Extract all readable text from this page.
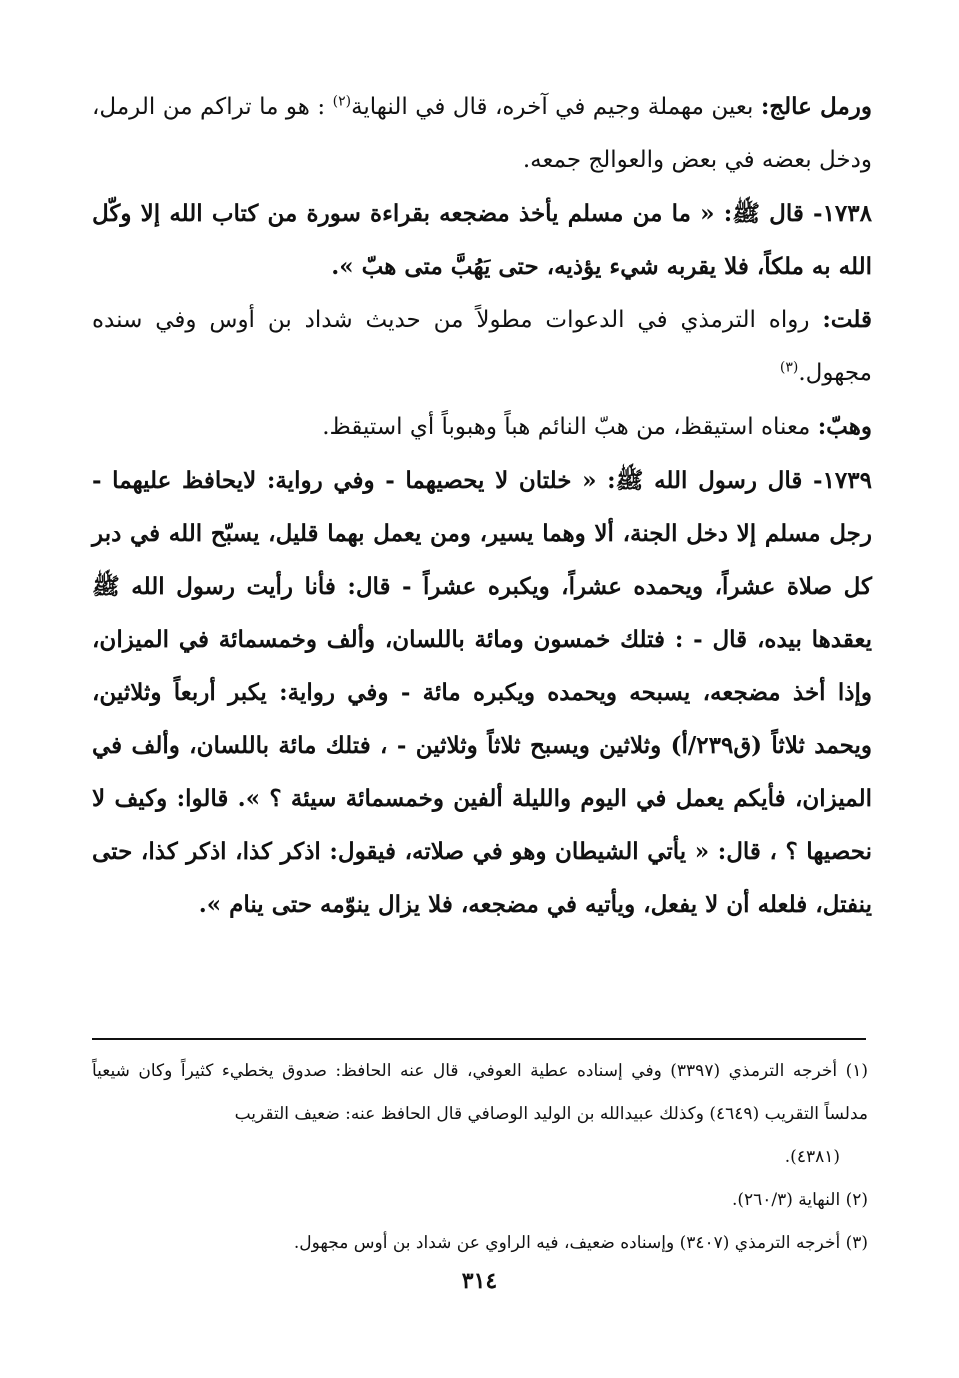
ورمل عالج: بعين مهملة وجيم في آخره، قال في النهاية$^{(٢)}$ : هو ما تراكم من الرمل، ودخل بعضه في بعض والعوالج جمعه.

١٧٣٨- قال ﷺ: « ما من مسلم يأخذ مضجعه بقراءة سورة من كتاب الله إلا وكّل الله به ملكاً، فلا يقربه شيء يؤذيه، حتى يَهُبَّ متى هبّ ».

قلت: رواه الترمذي في الدعوات مطولاً من حديث شداد بن أوس وفي سنده مجهول.$^{(٣)}$

وهبّ: معناه استيقظ، من هبّ النائم هباً وهبوباً أي استيقظ.

١٧٣٩- قال رسول الله ﷺ: « خلتان لا يحصيهما - وفي رواية: لايحافظ عليهما - رجل مسلم إلا دخل الجنة، ألا وهما يسير، ومن يعمل بهما قليل، يسبّح الله في دبر كل صلاة عشراً، ويحمده عشراً، ويكبره عشراً - قال: فأنا رأيت رسول الله ﷺ يعقدها بيده، قال - : فتلك خمسون ومائة باللسان، وألف وخمسمائة في الميزان، وإذا أخذ مضجعه، يسبحه ويحمده ويكبره مائة - وفي رواية: يكبر أربعاً وثلاثين، ويحمد ثلاثاً (ق٢٣٩/أ) وثلاثين ويسبح ثلاثاً وثلاثين - ، فتلك مائة باللسان، وألف في الميزان، فأيكم يعمل في اليوم والليلة ألفين وخمسمائة سيئة ؟ ». قالوا: وكيف لا نحصيها ؟ ، قال: « يأتي الشيطان وهو في صلاته، فيقول: اذكر كذا، اذكر كذا، حتى ينفتل، فلعله أن لا يفعل، ويأتيه في مضجعه، فلا يزال ينوّمه حتى ينام ».

(١) أخرجه الترمذي (٣٣٩٧) وفي إسناده عطية العوفي، قال عنه الحافظ: صدوق يخطيء كثيراً وكان شيعياً مدلساً التقريب (٤٦٤٩) وكذلك عبيدالله بن الوليد الوصافي قال الحافظ عنه: ضعيف التقريب

(٤٣٨١).

(٢) النهاية (٢٦٠/٣).

(٣) أخرجه الترمذي (٣٤٠٧) وإسناده ضعيف، فيه الراوي عن شداد بن أوس مجهول.

٣١٤
